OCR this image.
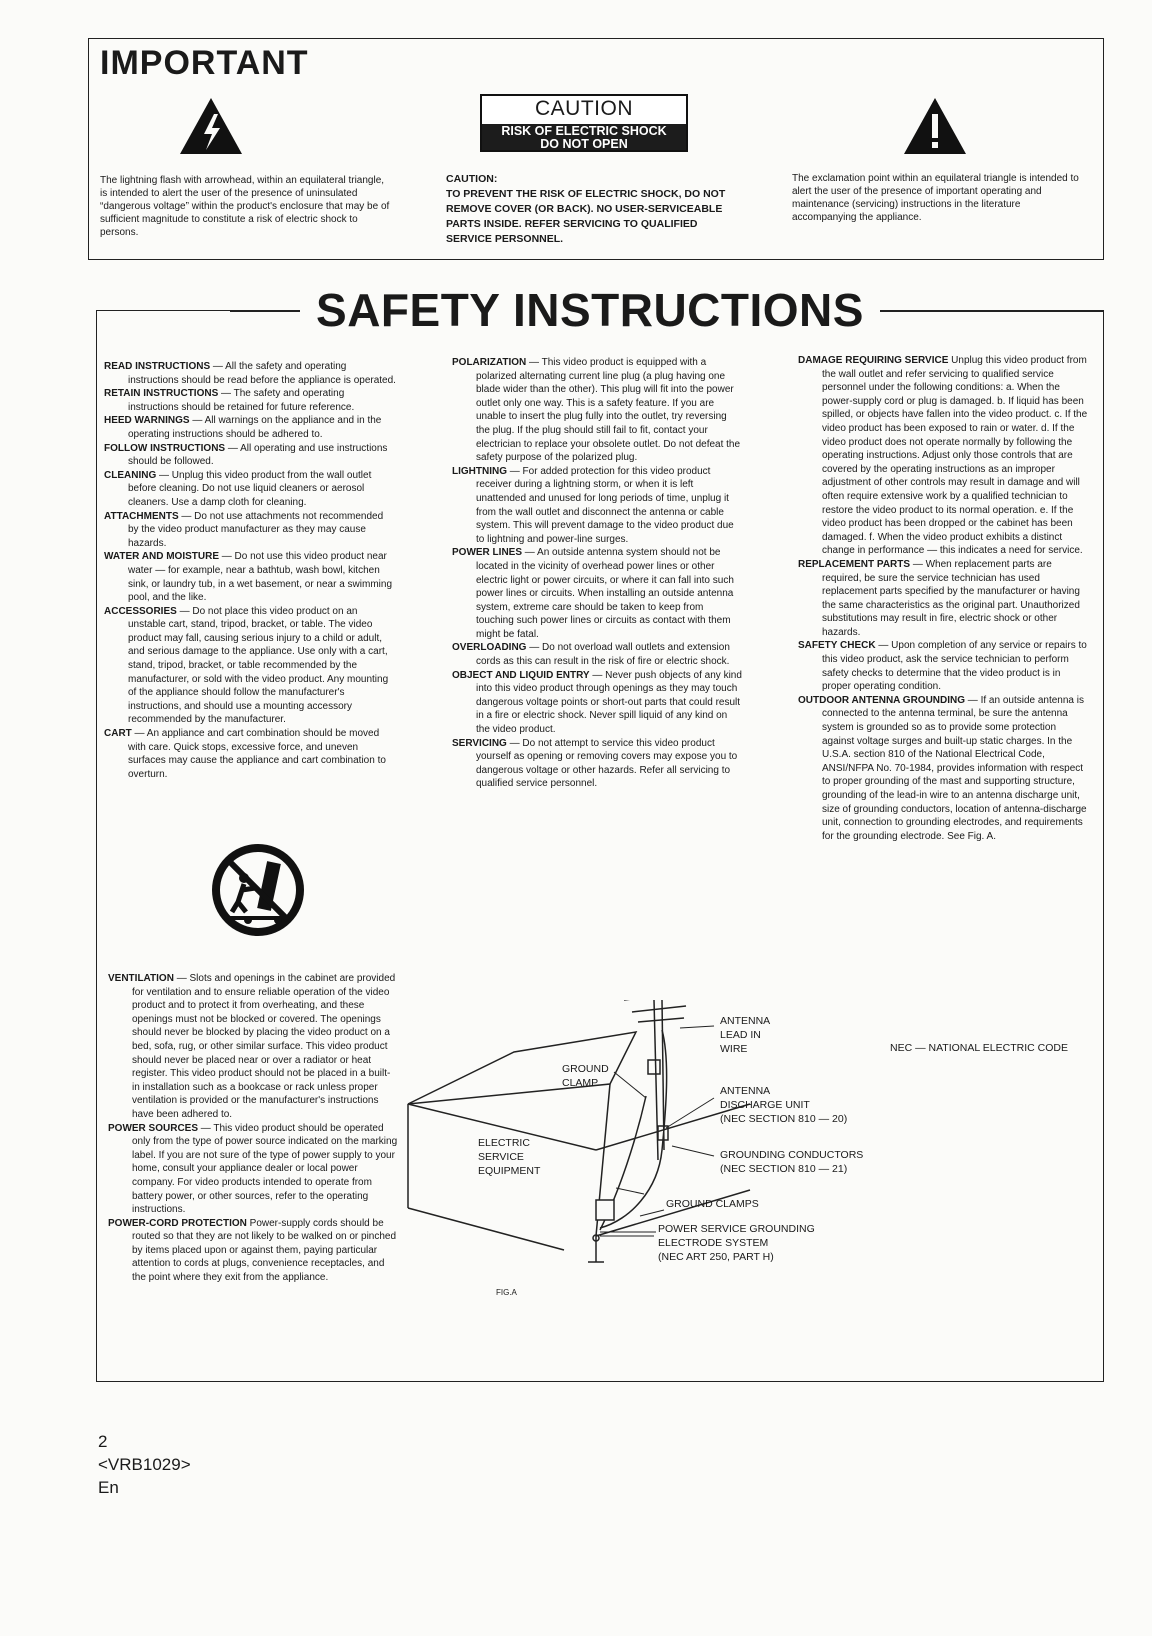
IMPORTANT
The lightning flash with arrowhead, within an equilateral triangle, is intended to alert the user of the presence of uninsulated “dangerous voltage” within the product's enclosure that may be of sufficient magnitude to constitute a risk of electric shock to persons.
CAUTION
RISK OF ELECTRIC SHOCK
DO NOT OPEN
CAUTION:
TO PREVENT THE RISK OF ELECTRIC SHOCK, DO NOT REMOVE COVER (OR BACK). NO USER-SERVICEABLE PARTS INSIDE. REFER SERVICING TO QUALIFIED SERVICE PERSONNEL.
The exclamation point within an equilateral triangle is intended to alert the user of the presence of important operating and maintenance (servicing) instructions in the literature accompanying the appliance.
SAFETY INSTRUCTIONS

READ INSTRUCTIONS — All the safety and operating instructions should be read before the appliance is operated.

RETAIN INSTRUCTIONS — The safety and operating instructions should be retained for future reference.

HEED WARNINGS — All warnings on the appliance and in the operating instructions should be adhered to.

FOLLOW INSTRUCTIONS — All operating and use instructions should be followed.

CLEANING — Unplug this video product from the wall outlet before cleaning. Do not use liquid cleaners or aerosol cleaners. Use a damp cloth for cleaning.

ATTACHMENTS — Do not use attachments not recommended by the video product manufacturer as they may cause hazards.

WATER AND MOISTURE — Do not use this video product near water — for example, near a bathtub, wash bowl, kitchen sink, or laundry tub, in a wet basement, or near a swimming pool, and the like.

ACCESSORIES — Do not place this video product on an unstable cart, stand, tripod, bracket, or table. The video product may fall, causing serious injury to a child or adult, and serious damage to the appliance. Use only with a cart, stand, tripod, bracket, or table recommended by the manufacturer, or sold with the video product. Any mounting of the appliance should follow the manufacturer's instructions, and should use a mounting accessory recommended by the manufacturer.

CART — An appliance and cart combination should be moved with care. Quick stops, excessive force, and uneven surfaces may cause the appliance and cart combination to overturn.

POLARIZATION — This video product is equipped with a polarized alternating current line plug (a plug having one blade wider than the other). This plug will fit into the power outlet only one way. This is a safety feature. If you are unable to insert the plug fully into the outlet, try reversing the plug. If the plug should still fail to fit, contact your electrician to replace your obsolete outlet. Do not defeat the safety purpose of the polarized plug.

LIGHTNING — For added protection for this video product receiver during a lightning storm, or when it is left unattended and unused for long periods of time, unplug it from the wall outlet and disconnect the antenna or cable system. This will prevent damage to the video product due to lightning and power-line surges.

POWER LINES — An outside antenna system should not be located in the vicinity of overhead power lines or other electric light or power circuits, or where it can fall into such power lines or circuits. When installing an outside antenna system, extreme care should be taken to keep from touching such power lines or circuits as contact with them might be fatal.

OVERLOADING — Do not overload wall outlets and extension cords as this can result in the risk of fire or electric shock.

OBJECT AND LIQUID ENTRY — Never push objects of any kind into this video product through openings as they may touch dangerous voltage points or short-out parts that could result in a fire or electric shock. Never spill liquid of any kind on the video product.

SERVICING — Do not attempt to service this video product yourself as opening or removing covers may expose you to dangerous voltage or other hazards. Refer all servicing to qualified service personnel.

DAMAGE REQUIRING SERVICE Unplug this video product from the wall outlet and refer servicing to qualified service personnel under the following conditions: a. When the power-supply cord or plug is damaged. b. If liquid has been spilled, or objects have fallen into the video product. c. If the video product has been exposed to rain or water. d. If the video product does not operate normally by following the operating instructions. Adjust only those controls that are covered by the operating instructions as an improper adjustment of other controls may result in damage and will often require extensive work by a qualified technician to restore the video product to its normal operation. e. If the video product has been dropped or the cabinet has been damaged. f. When the video product exhibits a distinct change in performance — this indicates a need for service.

REPLACEMENT PARTS — When replacement parts are required, be sure the service technician has used replacement parts specified by the manufacturer or having the same characteristics as the original part. Unauthorized substitutions may result in fire, electric shock or other hazards.

SAFETY CHECK — Upon completion of any service or repairs to this video product, ask the service technician to perform safety checks to determine that the video product is in proper operating condition.

OUTDOOR ANTENNA GROUNDING — If an outside antenna is connected to the antenna terminal, be sure the antenna system is grounded so as to provide some protection against voltage surges and built-up static charges. In the U.S.A. section 810 of the National Electrical Code, ANSI/NFPA No. 70-1984, provides information with respect to proper grounding of the mast and supporting structure, grounding of the lead-in wire to an antenna discharge unit, size of grounding conductors, location of antenna-discharge unit, connection to grounding electrodes, and requirements for the grounding electrode. See Fig. A.

VENTILATION — Slots and openings in the cabinet are provided for ventilation and to ensure reliable operation of the video product and to protect it from overheating, and these openings must not be blocked or covered. The openings should never be blocked by placing the video product on a bed, sofa, rug, or other similar surface. This video product should never be placed near or over a radiator or heat register. This video product should not be placed in a built-in installation such as a bookcase or rack unless proper ventilation is provided or the manufacturer's instructions have been adhered to.

POWER SOURCES — This video product should be operated only from the type of power source indicated on the marking label. If you are not sure of the type of power supply to your home, consult your appliance dealer or local power company. For video products intended to operate from battery power, or other sources, refer to the operating instructions.

POWER-CORD PROTECTION Power-supply cords should be routed so that they are not likely to be walked on or pinched by items placed upon or against them, paying particular attention to cords at plugs, convenience receptacles, and the point where they exit from the appliance.

NEC — NATIONAL ELECTRIC CODE
ANTENNA
LEAD IN
WIRE
GROUND
CLAMP
ANTENNA
DISCHARGE UNIT
(NEC SECTION 810 — 20)
ELECTRIC
SERVICE
EQUIPMENT
GROUNDING CONDUCTORS
(NEC SECTION 810 — 21)
GROUND CLAMPS
POWER SERVICE GROUNDING
ELECTRODE SYSTEM
(NEC ART 250, PART H)
FIG.A
2
<VRB1029>
En
